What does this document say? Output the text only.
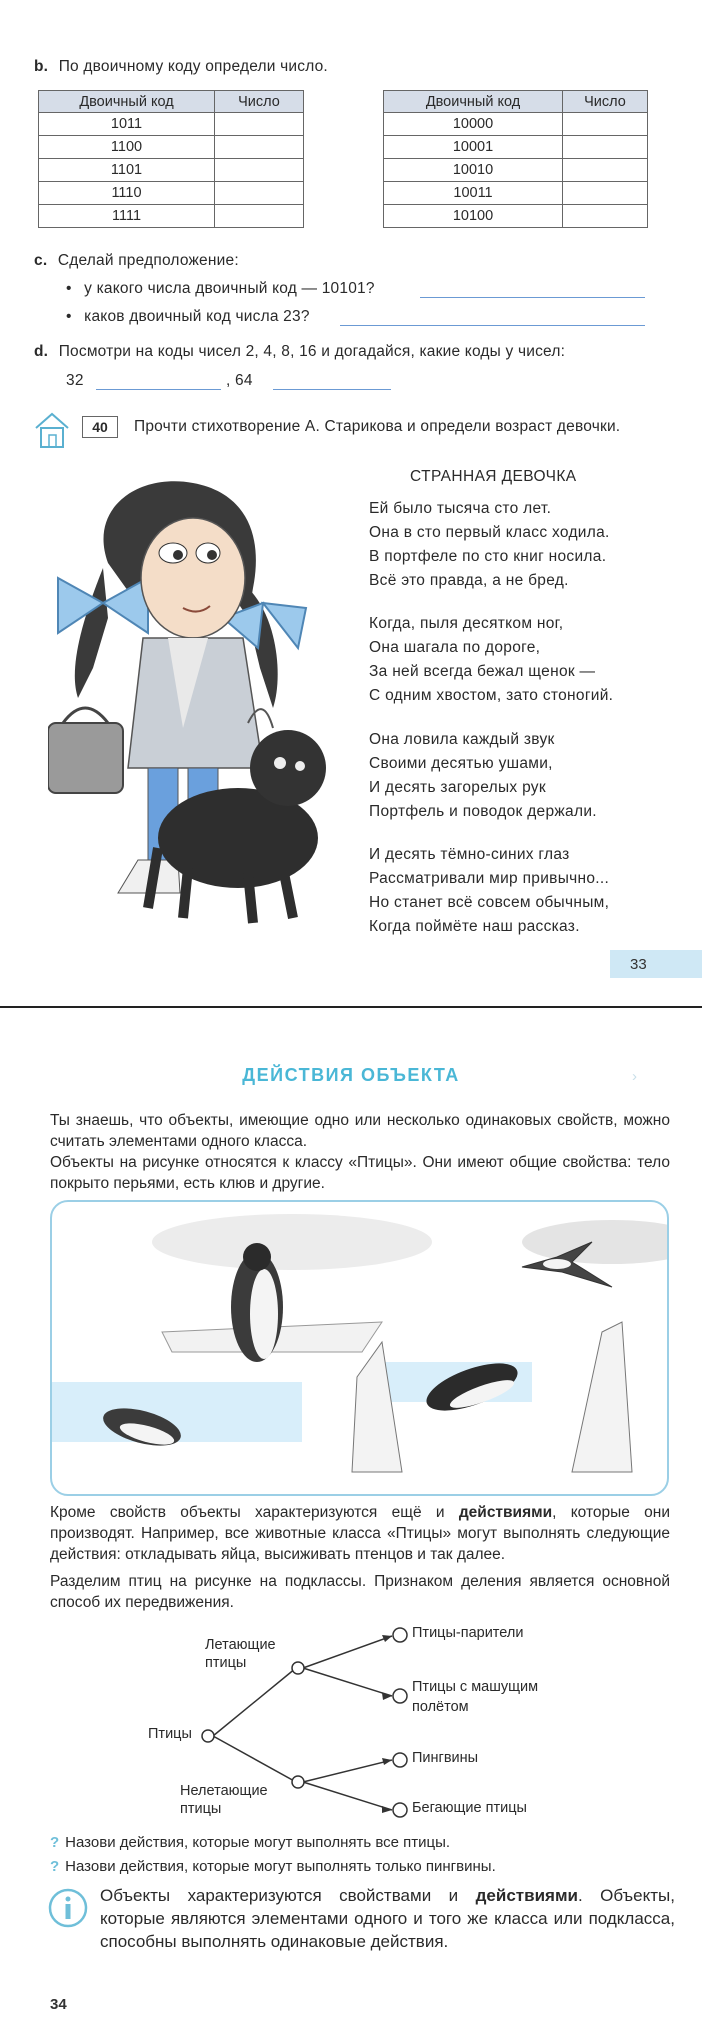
b. По двоичному коду определи число.
Двоичный код	Число
1011	
1100	
1101	
1110	
1111	
Двоичный код	Число
10000	
10001	
10010	
10011	
10100	
c. Сделай предположение:
• у какого числа двоичный код — 10101?
• каков двоичный код числа 23?
d. Посмотри на коды чисел 2, 4, 8, 16 и догадайся, какие коды у чисел:
32	, 64
40	Прочти стихотворение А. Старикова и определи возраст девочки.
СТРАННАЯ ДЕВОЧКА
Ей было тысяча сто лет.
Она в сто первый класс ходила.
В портфеле по сто книг носила.
Всё это правда, а не бред.
Когда, пыля десятком ног,
Она шагала по дороге,
За ней всегда бежал щенок —
С одним хвостом, зато стоногий.
Она ловила каждый звук
Своими десятью ушами,
И десять загорелых рук
Портфель и поводок держали.
И десять тёмно-синих глаз
Рассматривали мир привычно...
Но станет всё совсем обычным,
Когда поймёте наш рассказ.
33
ДЕЙСТВИЯ ОБЪЕКТА	›

Ты знаешь, что объекты, имеющие одно или несколько одинаковых свойств, можно считать элементами одного класса.

Объекты на рисунке относятся к классу «Птицы». Они имеют общие свойства: тело покрыто перьями, есть клюв и другие.

Кроме свойств объекты характеризуются ещё и действиями, которые они производят. Например, все животные класса «Птицы» могут выполнять следующие действия: откладывать яйца, высиживать птенцов и так далее.

Разделим птиц на рисунке на подклассы. Признаком деления является основной способ их передвижения.

Птицы
Летающие птицы
Нелетающие птицы
Птицы-парители
Птицы с машущим полётом
Пингвины
Бегающие птицы
? Назови действия, которые могут выполнять все птицы.
? Назови действия, которые могут выполнять только пингвины.
Объекты характеризуются свойствами и действиями. Объекты, которые являются элементами одного и того же класса или подкласса, способны выполнять одинаковые действия.
34
